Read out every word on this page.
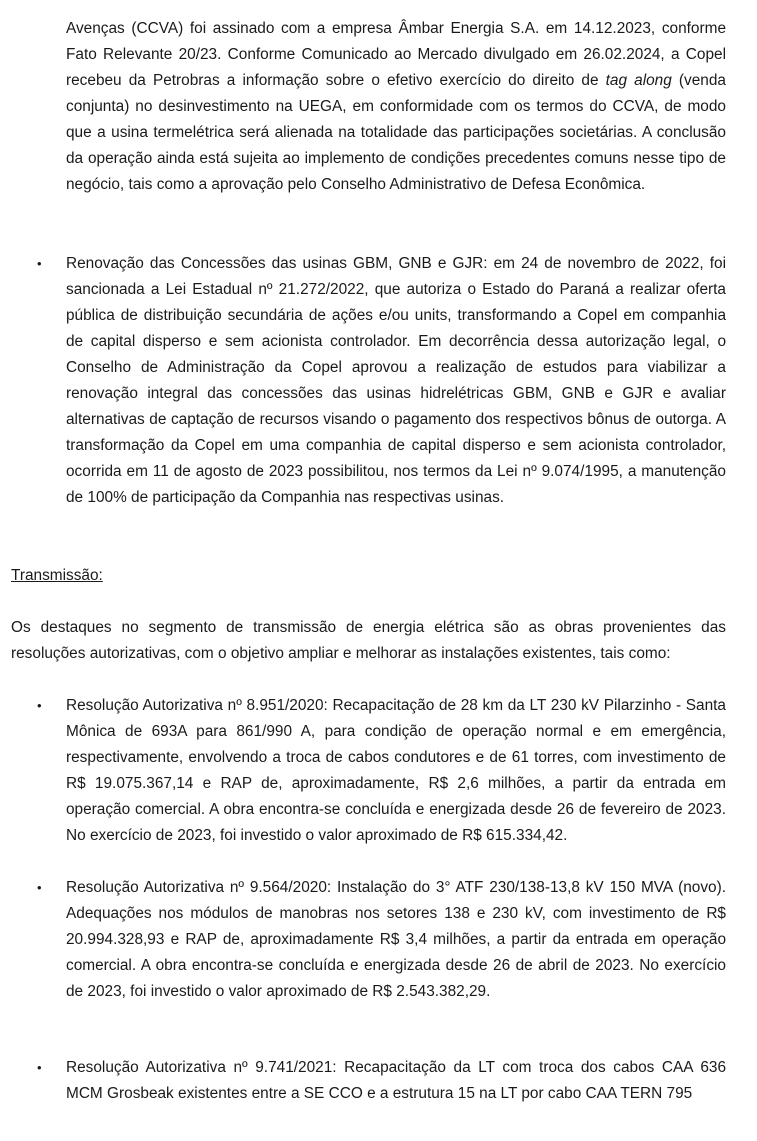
Avenças (CCVA) foi assinado com a empresa Âmbar Energia S.A. em 14.12.2023, conforme Fato Relevante 20/23. Conforme Comunicado ao Mercado divulgado em 26.02.2024, a Copel recebeu da Petrobras a informação sobre o efetivo exercício do direito de tag along (venda conjunta) no desinvestimento na UEGA, em conformidade com os termos do CCVA, de modo que a usina termelétrica será alienada na totalidade das participações societárias. A conclusão da operação ainda está sujeita ao implemento de condições precedentes comuns nesse tipo de negócio, tais como a aprovação pelo Conselho Administrativo de Defesa Econômica.

• Renovação das Concessões das usinas GBM, GNB e GJR: em 24 de novembro de 2022, foi sancionada a Lei Estadual nº 21.272/2022, que autoriza o Estado do Paraná a realizar oferta pública de distribuição secundária de ações e/ou units, transformando a Copel em companhia de capital disperso e sem acionista controlador. Em decorrência dessa autorização legal, o Conselho de Administração da Copel aprovou a realização de estudos para viabilizar a renovação integral das concessões das usinas hidrelétricas GBM, GNB e GJR e avaliar alternativas de captação de recursos visando o pagamento dos respectivos bônus de outorga. A transformação da Copel em uma companhia de capital disperso e sem acionista controlador, ocorrida em 11 de agosto de 2023 possibilitou, nos termos da Lei nº 9.074/1995, a manutenção de 100% de participação da Companhia nas respectivas usinas.

Transmissão:

Os destaques no segmento de transmissão de energia elétrica são as obras provenientes das resoluções autorizativas, com o objetivo ampliar e melhorar as instalações existentes, tais como:

• Resolução Autorizativa nº 8.951/2020: Recapacitação de 28 km da LT 230 kV Pilarzinho - Santa Mônica de 693A para 861/990 A, para condição de operação normal e em emergência, respectivamente, envolvendo a troca de cabos condutores e de 61 torres, com investimento de R$ 19.075.367,14 e RAP de, aproximadamente, R$ 2,6 milhões, a partir da entrada em operação comercial. A obra encontra-se concluída e energizada desde 26 de fevereiro de 2023. No exercício de 2023, foi investido o valor aproximado de R$ 615.334,42.

• Resolução Autorizativa nº 9.564/2020: Instalação do 3° ATF 230/138-13,8 kV 150 MVA (novo). Adequações nos módulos de manobras nos setores 138 e 230 kV, com investimento de R$ 20.994.328,93 e RAP de, aproximadamente R$ 3,4 milhões, a partir da entrada em operação comercial. A obra encontra-se concluída e energizada desde 26 de abril de 2023. No exercício de 2023, foi investido o valor aproximado de R$ 2.543.382,29.

• Resolução Autorizativa nº 9.741/2021: Recapacitação da LT com troca dos cabos CAA 636 MCM Grosbeak existentes entre a SE CCO e a estrutura 15 na LT por cabo CAA TERN 795
